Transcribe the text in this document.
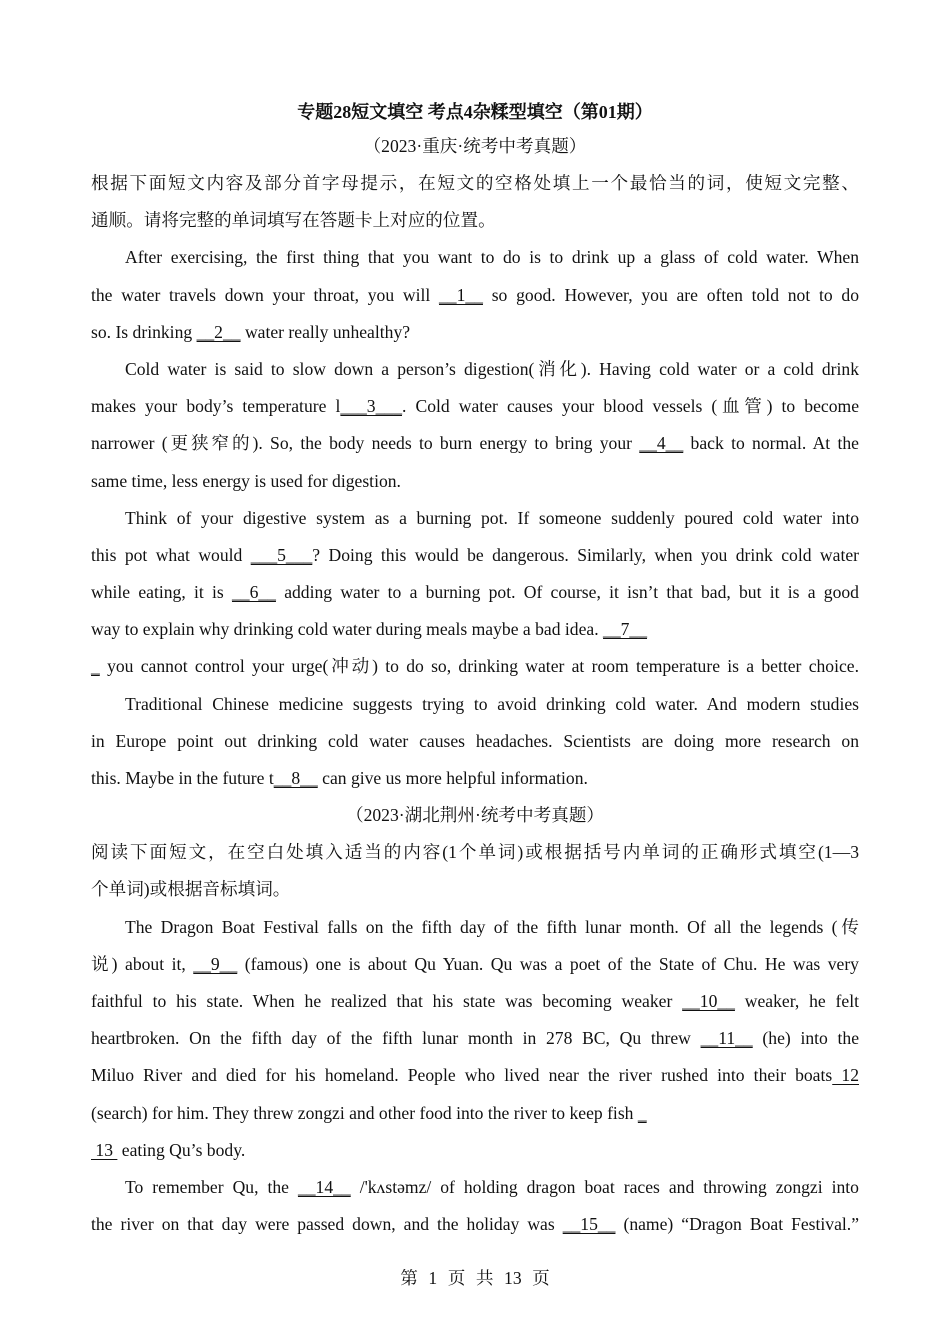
专题28短文填空 考点4杂糅型填空（第01期）
（2023·重庆·统考中考真题）
根据下面短文内容及部分首字母提示，在短文的空格处填上一个最恰当的词，使短文完整、
通顺。请将完整的单词填写在答题卡上对应的位置。
After exercising, the first thing that you want to do is to drink up a glass of cold water. When
the water travels down your throat, you will __1__ so good. However, you are often told not to do
so. Is drinking __2__ water really unhealthy?
Cold water is said to slow down a person’s digestion(消化). Having cold water or a cold drink
makes your body’s temperature l___3___. Cold water causes your blood vessels (血管) to become
narrower (更狭窄的). So, the body needs to burn energy to bring your __4__ back to normal. At the
same time, less energy is used for digestion.
Think of your digestive system as a burning pot. If someone suddenly poured cold water into
this pot what would ___5___? Doing this would be dangerous. Similarly, when you drink cold water
while eating, it is __6__ adding water to a burning pot. Of course, it isn’t that bad, but it is a good
way to explain why drinking cold water during meals maybe a bad idea. __7__
_ you cannot control your urge(冲动) to do so, drinking water at room temperature is a better choice.
Traditional Chinese medicine suggests trying to avoid drinking cold water. And modern studies
in Europe point out drinking cold water causes headaches. Scientists are doing more research on
this. Maybe in the future t__8__ can give us more helpful information.
（2023·湖北荆州·统考中考真题）
阅读下面短文，在空白处填入适当的内容(1个单词)或根据括号内单词的正确形式填空(1—3
个单词)或根据音标填词。
The Dragon Boat Festival falls on the fifth day of the fifth lunar month. Of all the legends (传
说) about it, __9__ (famous) one is about Qu Yuan. Qu was a poet of the State of Chu. He was very
faithful to his state. When he realized that his state was becoming weaker __10__ weaker, he felt
heartbroken. On the fifth day of the fifth lunar month in 278 BC, Qu threw __11__ (he) into the
Miluo River and died for his homeland. People who lived near the river rushed into their boats 12
(search) for him. They threw zongzi and other food into the river to keep fish _
13  eating Qu’s body.
To remember Qu, the __14__ /'kʌstəmz/ of holding dragon boat races and throwing zongzi into
the river on that day were passed down, and the holiday was __15__ (name) “Dragon Boat Festival.”
第 1 页 共 13 页
